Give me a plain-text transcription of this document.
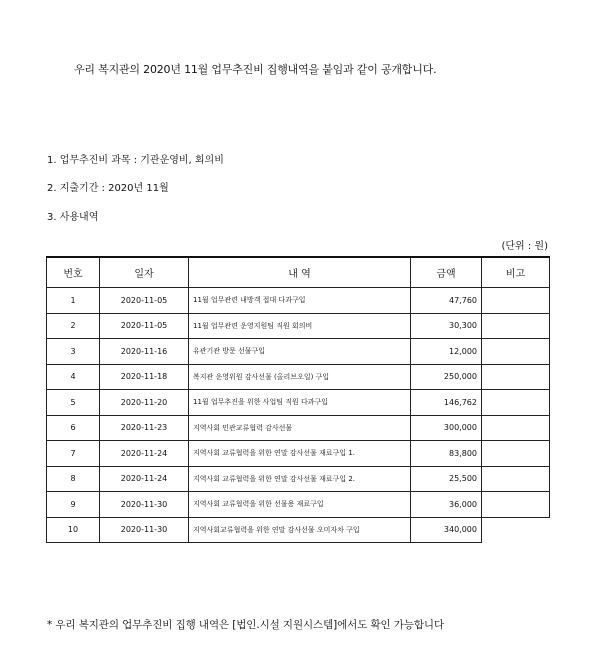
우리 복지관의 2020년 11월 업무추진비 집행내역을 붙임과 같이 공개합니다.
1. 업무추진비 과목 : 기관운영비, 회의비
2. 지출기간 : 2020년 11월
3. 사용내역
(단위 : 원)
번호	일자	내 역	금액	비고
1	2020-11-05	11월 업무관련 내방객 접대 다과구입	47,760	
2	2020-11-05	11월 업무관련 운영지원팀 직원 회의비	30,300	
3	2020-11-16	유관기관 방문 선물구입	12,000	
4	2020-11-18	복지관 운영위원 감사선물 (올리브오일) 구입	250,000	
5	2020-11-20	11월 업무추진을 위한 사업팀 직원 다과구입	146,762	
6	2020-11-23	지역사회 민관교류협력 감사선물	300,000	
7	2020-11-24	지역사회 교류협력을 위한 연말 감사선물 재료구입 1.	83,800	
8	2020-11-24	지역사회 교류협력을 위한 연말 감사선물 재료구입 2.	25,500	
9	2020-11-30	지역사회 교류협력을 위한 선물용 재료구입	36,000	
10	2020-11-30	지역사회교류협력을 위한 연말 감사선물 오미자차 구입	340,000	
* 우리 복지관의 업무추진비 집행 내역은 [법인.시설 지원시스템]에서도 확인 가능합니다
